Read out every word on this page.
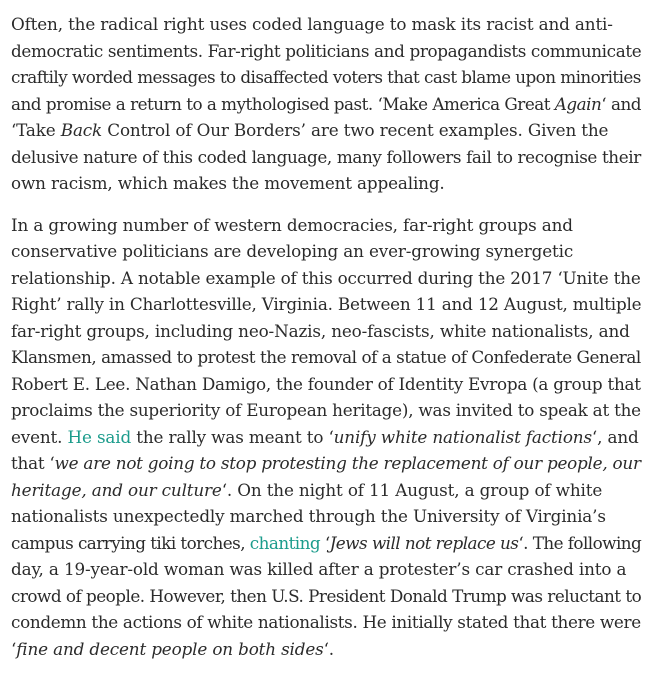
Often, the radical right uses coded language to mask its racist and anti-
democratic sentiments. Far-right politicians and propagandists communicate
craftily worded messages to disaffected voters that cast blame upon minorities
and promise a return to a mythologised past. ‘Make America Great Again‘ and
‘Take Back Control of Our Borders’ are two recent examples. Given the
delusive nature of this coded language, many followers fail to recognise their
own racism, which makes the movement appealing.

In a growing number of western democracies, far-right groups and
conservative politicians are developing an ever-growing synergetic
relationship. A notable example of this occurred during the 2017 ‘Unite the
Right’ rally in Charlottesville, Virginia. Between 11 and 12 August, multiple
far-right groups, including neo-Nazis, neo-fascists, white nationalists, and
Klansmen, amassed to protest the removal of a statue of Confederate General
Robert E. Lee. Nathan Damigo, the founder of Identity Evropa (a group that
proclaims the superiority of European heritage), was invited to speak at the
event. He said the rally was meant to ‘unify white nationalist factions‘, and
that ‘we are not going to stop protesting the replacement of our people, our
heritage, and our culture‘. On the night of 11 August, a group of white
nationalists unexpectedly marched through the University of Virginia’s
campus carrying tiki torches, chanting ‘Jews will not replace us‘. The following
day, a 19-year-old woman was killed after a protester’s car crashed into a
crowd of people. However, then U.S. President Donald Trump was reluctant to
condemn the actions of white nationalists. He initially stated that there were
‘fine and decent people on both sides‘.
